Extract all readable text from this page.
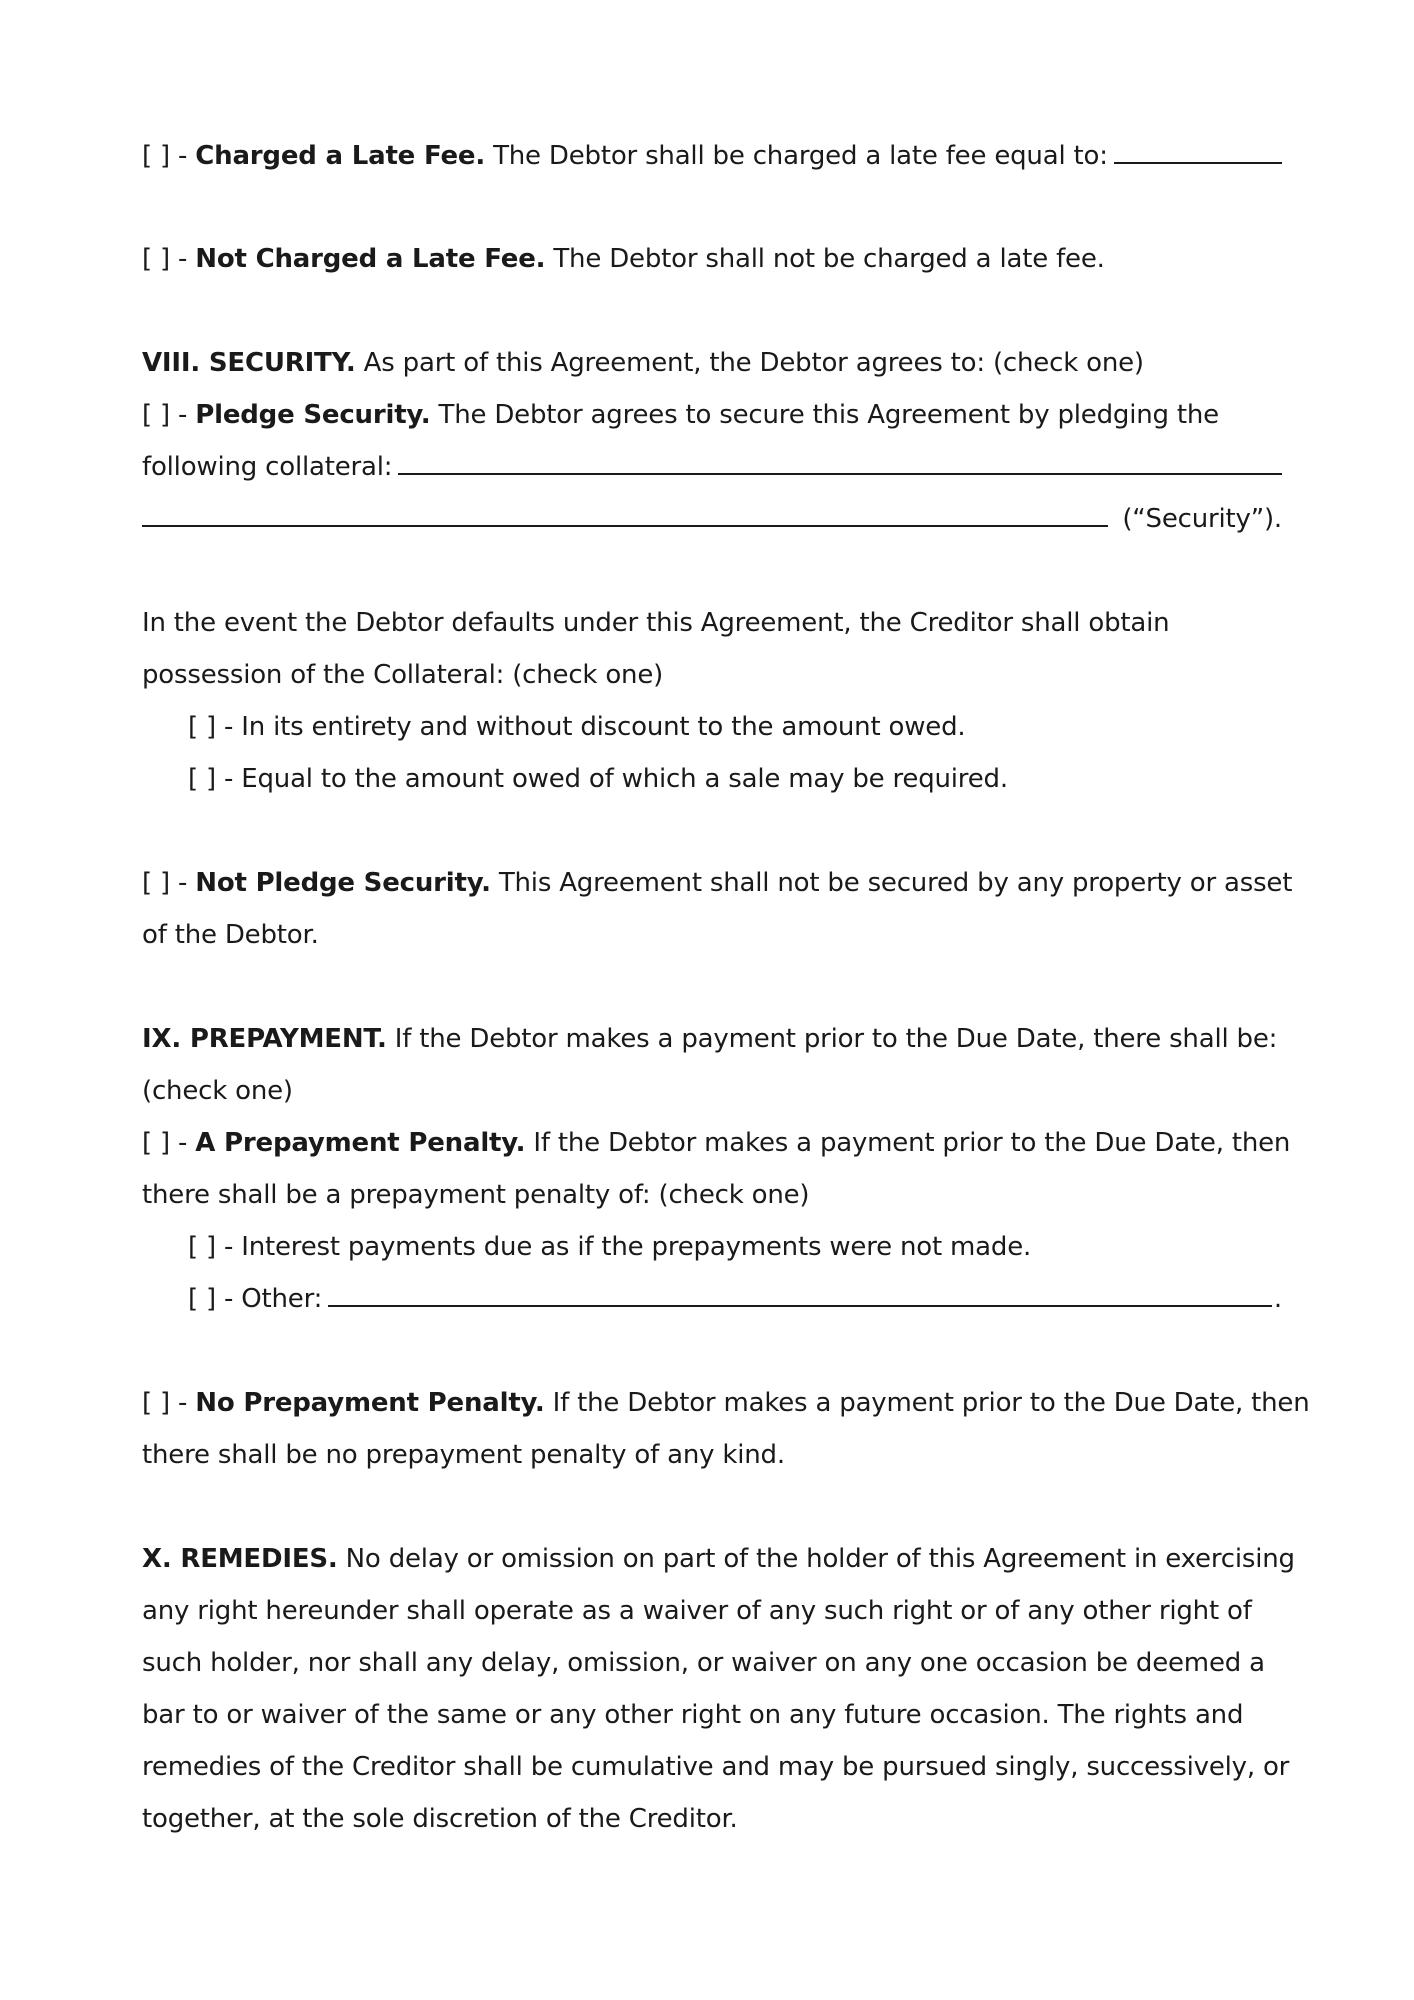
[ ] - Charged a Late Fee. The Debtor shall be charged a late fee equal to:
[ ] - Not Charged a Late Fee. The Debtor shall not be charged a late fee.
VIII. SECURITY. As part of this Agreement, the Debtor agrees to: (check one)
[ ] - Pledge Security. The Debtor agrees to secure this Agreement by pledging the
following collateral:
(“Security”).
In the event the Debtor defaults under this Agreement, the Creditor shall obtain
possession of the Collateral: (check one)
[ ] - In its entirety and without discount to the amount owed.
[ ] - Equal to the amount owed of which a sale may be required.
[ ] - Not Pledge Security. This Agreement shall not be secured by any property or asset
of the Debtor.
IX. PREPAYMENT. If the Debtor makes a payment prior to the Due Date, there shall be:
(check one)
[ ] - A Prepayment Penalty. If the Debtor makes a payment prior to the Due Date, then
there shall be a prepayment penalty of: (check one)
[ ] - Interest payments due as if the prepayments were not made.
[ ] - Other:	.
[ ] - No Prepayment Penalty. If the Debtor makes a payment prior to the Due Date, then
there shall be no prepayment penalty of any kind.
X. REMEDIES. No delay or omission on part of the holder of this Agreement in exercising
any right hereunder shall operate as a waiver of any such right or of any other right of
such holder, nor shall any delay, omission, or waiver on any one occasion be deemed a
bar to or waiver of the same or any other right on any future occasion. The rights and
remedies of the Creditor shall be cumulative and may be pursued singly, successively, or
together, at the sole discretion of the Creditor.
